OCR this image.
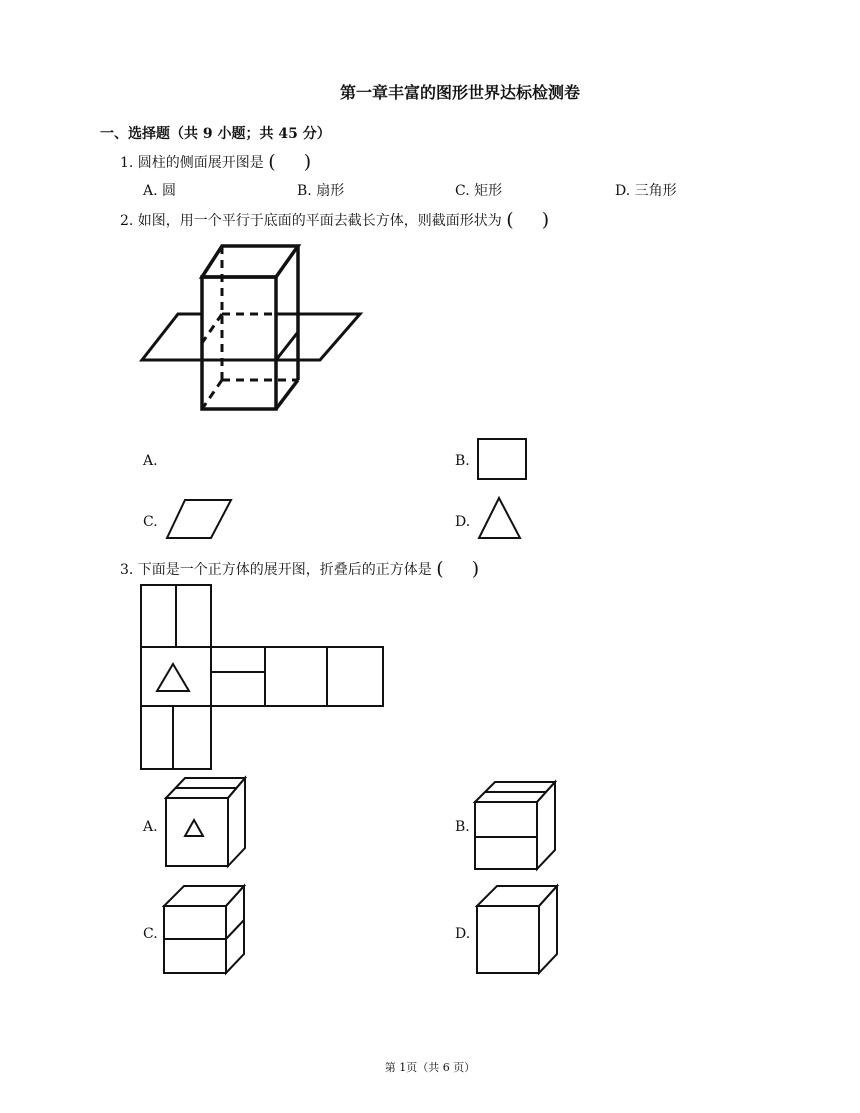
第一章丰富的图形世界达标检测卷
一、选择题（共 9 小题；共 45 分）
1. 圆柱的侧面展开图是 ( )
A. 圆	B. 扇形	C. 矩形	D. 三角形
2. 如图，用一个平行于底面的平面去截长方体，则截面形状为 ( )
A.	B.
C.	D.
3. 下面是一个正方体的展开图，折叠后的正方体是 ( )
A.	B.
C.	D.
第 1页（共 6 页）
